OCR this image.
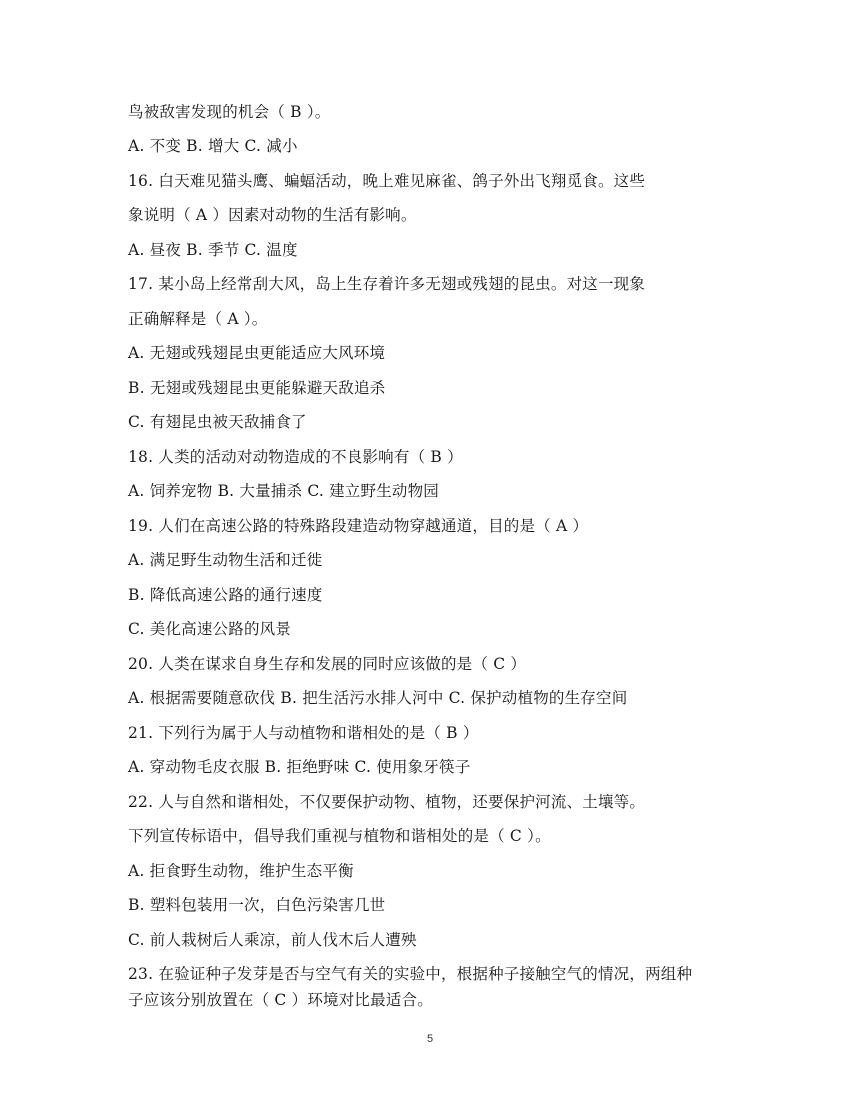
鸟被敌害发现的机会（ B ）。
A. 不变 B. 增大 C. 减小
16. 白天难见猫头鹰、蝙蝠活动，晚上难见麻雀、鸽子外出飞翔觅食。这些
象说明（ A ）因素对动物的生活有影响。
A. 昼夜 B. 季节 C. 温度
17. 某小岛上经常刮大风，岛上生存着许多无翅或残翅的昆虫。对这一现象
正确解释是（ A ）。
A. 无翅或残翅昆虫更能适应大风环境
B. 无翅或残翅昆虫更能躲避天敌追杀
C. 有翅昆虫被天敌捕食了
18. 人类的活动对动物造成的不良影响有（ B ）
A. 饲养宠物 B. 大量捕杀 C. 建立野生动物园
19. 人们在高速公路的特殊路段建造动物穿越通道，目的是（ A ）
A. 满足野生动物生活和迁徙
B. 降低高速公路的通行速度
C. 美化高速公路的风景
20. 人类在谋求自身生存和发展的同时应该做的是（ C ）
A. 根据需要随意砍伐 B. 把生活污水排人河中 C. 保护动植物的生存空间
21. 下列行为属于人与动植物和谐相处的是（ B ）
A. 穿动物毛皮衣服 B. 拒绝野味 C. 使用象牙筷子
22. 人与自然和谐相处，不仅要保护动物、植物，还要保护河流、土壤等。
下列宣传标语中，倡导我们重视与植物和谐相处的是（ C ）。
A. 拒食野生动物，维护生态平衡
B. 塑料包装用一次，白色污染害几世
C. 前人栽树后人乘凉，前人伐木后人遭殃
23. 在验证种子发芽是否与空气有关的实验中，根据种子接触空气的情况，两组种
子应该分别放置在（ C ）环境对比最适合。
5
